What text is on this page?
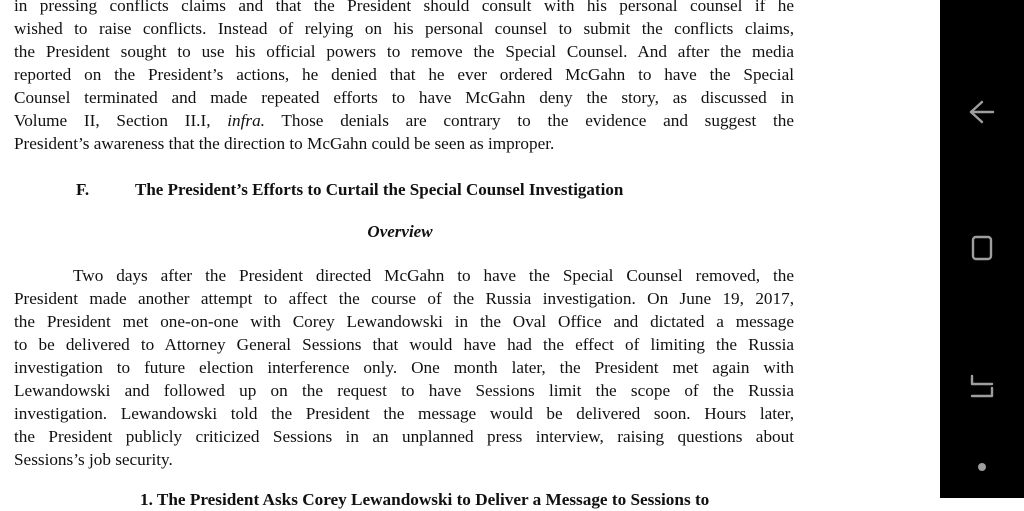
in pressing conflicts claims and that the President should consult with his personal counsel if he
wished to raise conflicts. Instead of relying on his personal counsel to submit the conflicts claims,
the President sought to use his official powers to remove the Special Counsel. And after the media
reported on the President’s actions, he denied that he ever ordered McGahn to have the Special
Counsel terminated and made repeated efforts to have McGahn deny the story, as discussed in
Volume II, Section II.I, infra. Those denials are contrary to the evidence and suggest the
President’s awareness that the direction to McGahn could be seen as improper.
F.	The President’s Efforts to Curtail the Special Counsel Investigation
Overview
Two days after the President directed McGahn to have the Special Counsel removed, the
President made another attempt to affect the course of the Russia investigation. On June 19, 2017,
the President met one-on-one with Corey Lewandowski in the Oval Office and dictated a message
to be delivered to Attorney General Sessions that would have had the effect of limiting the Russia
investigation to future election interference only. One month later, the President met again with
Lewandowski and followed up on the request to have Sessions limit the scope of the Russia
investigation. Lewandowski told the President the message would be delivered soon. Hours later,
the President publicly criticized Sessions in an unplanned press interview, raising questions about
Sessions’s job security.
1. The President Asks Corey Lewandowski to Deliver a Message to Sessions to
